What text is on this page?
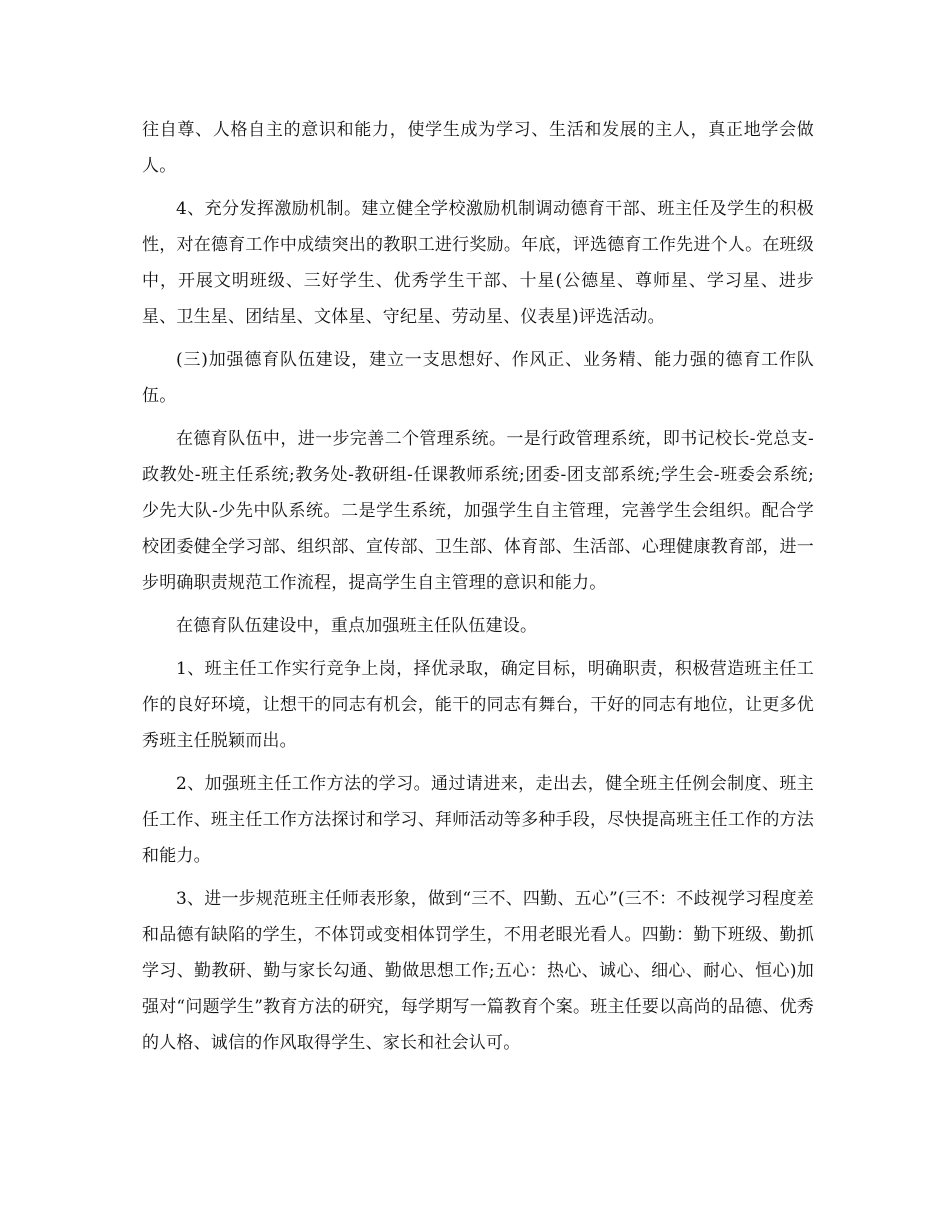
往自尊、人格自主的意识和能力，使学生成为学习、生活和发展的主人，真正地学会做人。

4、充分发挥激励机制。建立健全学校激励机制调动德育干部、班主任及学生的积极性，对在德育工作中成绩突出的教职工进行奖励。年底，评选德育工作先进个人。在班级中，开展文明班级、三好学生、优秀学生干部、十星(公德星、尊师星、学习星、进步星、卫生星、团结星、文体星、守纪星、劳动星、仪表星)评选活动。

(三)加强德育队伍建设，建立一支思想好、作风正、业务精、能力强的德育工作队伍。

在德育队伍中，进一步完善二个管理系统。一是行政管理系统，即书记校长-党总支-政教处-班主任系统;教务处-教研组-任课教师系统;团委-团支部系统;学生会-班委会系统;少先大队-少先中队系统。二是学生系统，加强学生自主管理，完善学生会组织。配合学校团委健全学习部、组织部、宣传部、卫生部、体育部、生活部、心理健康教育部，进一步明确职责规范工作流程，提高学生自主管理的意识和能力。

在德育队伍建设中，重点加强班主任队伍建设。

1、班主任工作实行竞争上岗，择优录取，确定目标，明确职责，积极营造班主任工作的良好环境，让想干的同志有机会，能干的同志有舞台，干好的同志有地位，让更多优秀班主任脱颖而出。

2、加强班主任工作方法的学习。通过请进来，走出去，健全班主任例会制度、班主任工作、班主任工作方法探讨和学习、拜师活动等多种手段，尽快提高班主任工作的方法和能力。

3、进一步规范班主任师表形象，做到“三不、四勤、五心”(三不：不歧视学习程度差和品德有缺陷的学生，不体罚或变相体罚学生，不用老眼光看人。四勤：勤下班级、勤抓学习、勤教研、勤与家长勾通、勤做思想工作;五心：热心、诚心、细心、耐心、恒心)加强对“问题学生”教育方法的研究，每学期写一篇教育个案。班主任要以高尚的品德、优秀的人格、诚信的作风取得学生、家长和社会认可。
